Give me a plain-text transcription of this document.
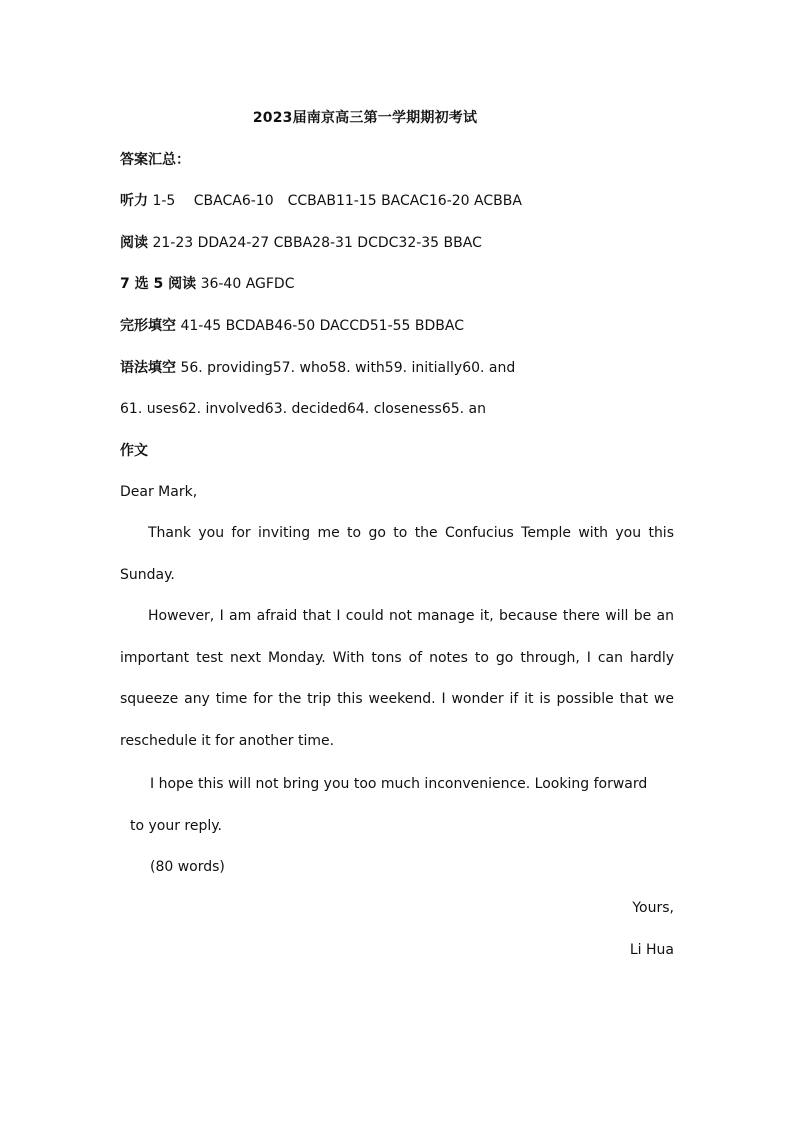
2023届南京高三第一学期期初考试
答案汇总：
听力 1-5　 CBACA6-10　CCBAB11-15 BACAC16-20 ACBBA
阅读 21-23 DDA24-27 CBBA28-31 DCDC32-35 BBAC
7 选 5 阅读 36-40 AGFDC
完形填空 41-45 BCDAB46-50 DACCD51-55 BDBAC
语法填空 56. providing57. who58. with59. initially60. and
61. uses62. involved63. decided64. closeness65. an
作文
Dear Mark,
Thank you for inviting me to go to the Confucius Temple with you this Sunday.
However, I am afraid that I could not manage it, because there will be an important test next Monday. With tons of notes to go through, I can hardly squeeze any time for the trip this weekend. I wonder if it is possible that we reschedule it for another time.
I hope this will not bring you too much inconvenience. Looking forward
to your reply.
(80 words)
Yours,
Li Hua
